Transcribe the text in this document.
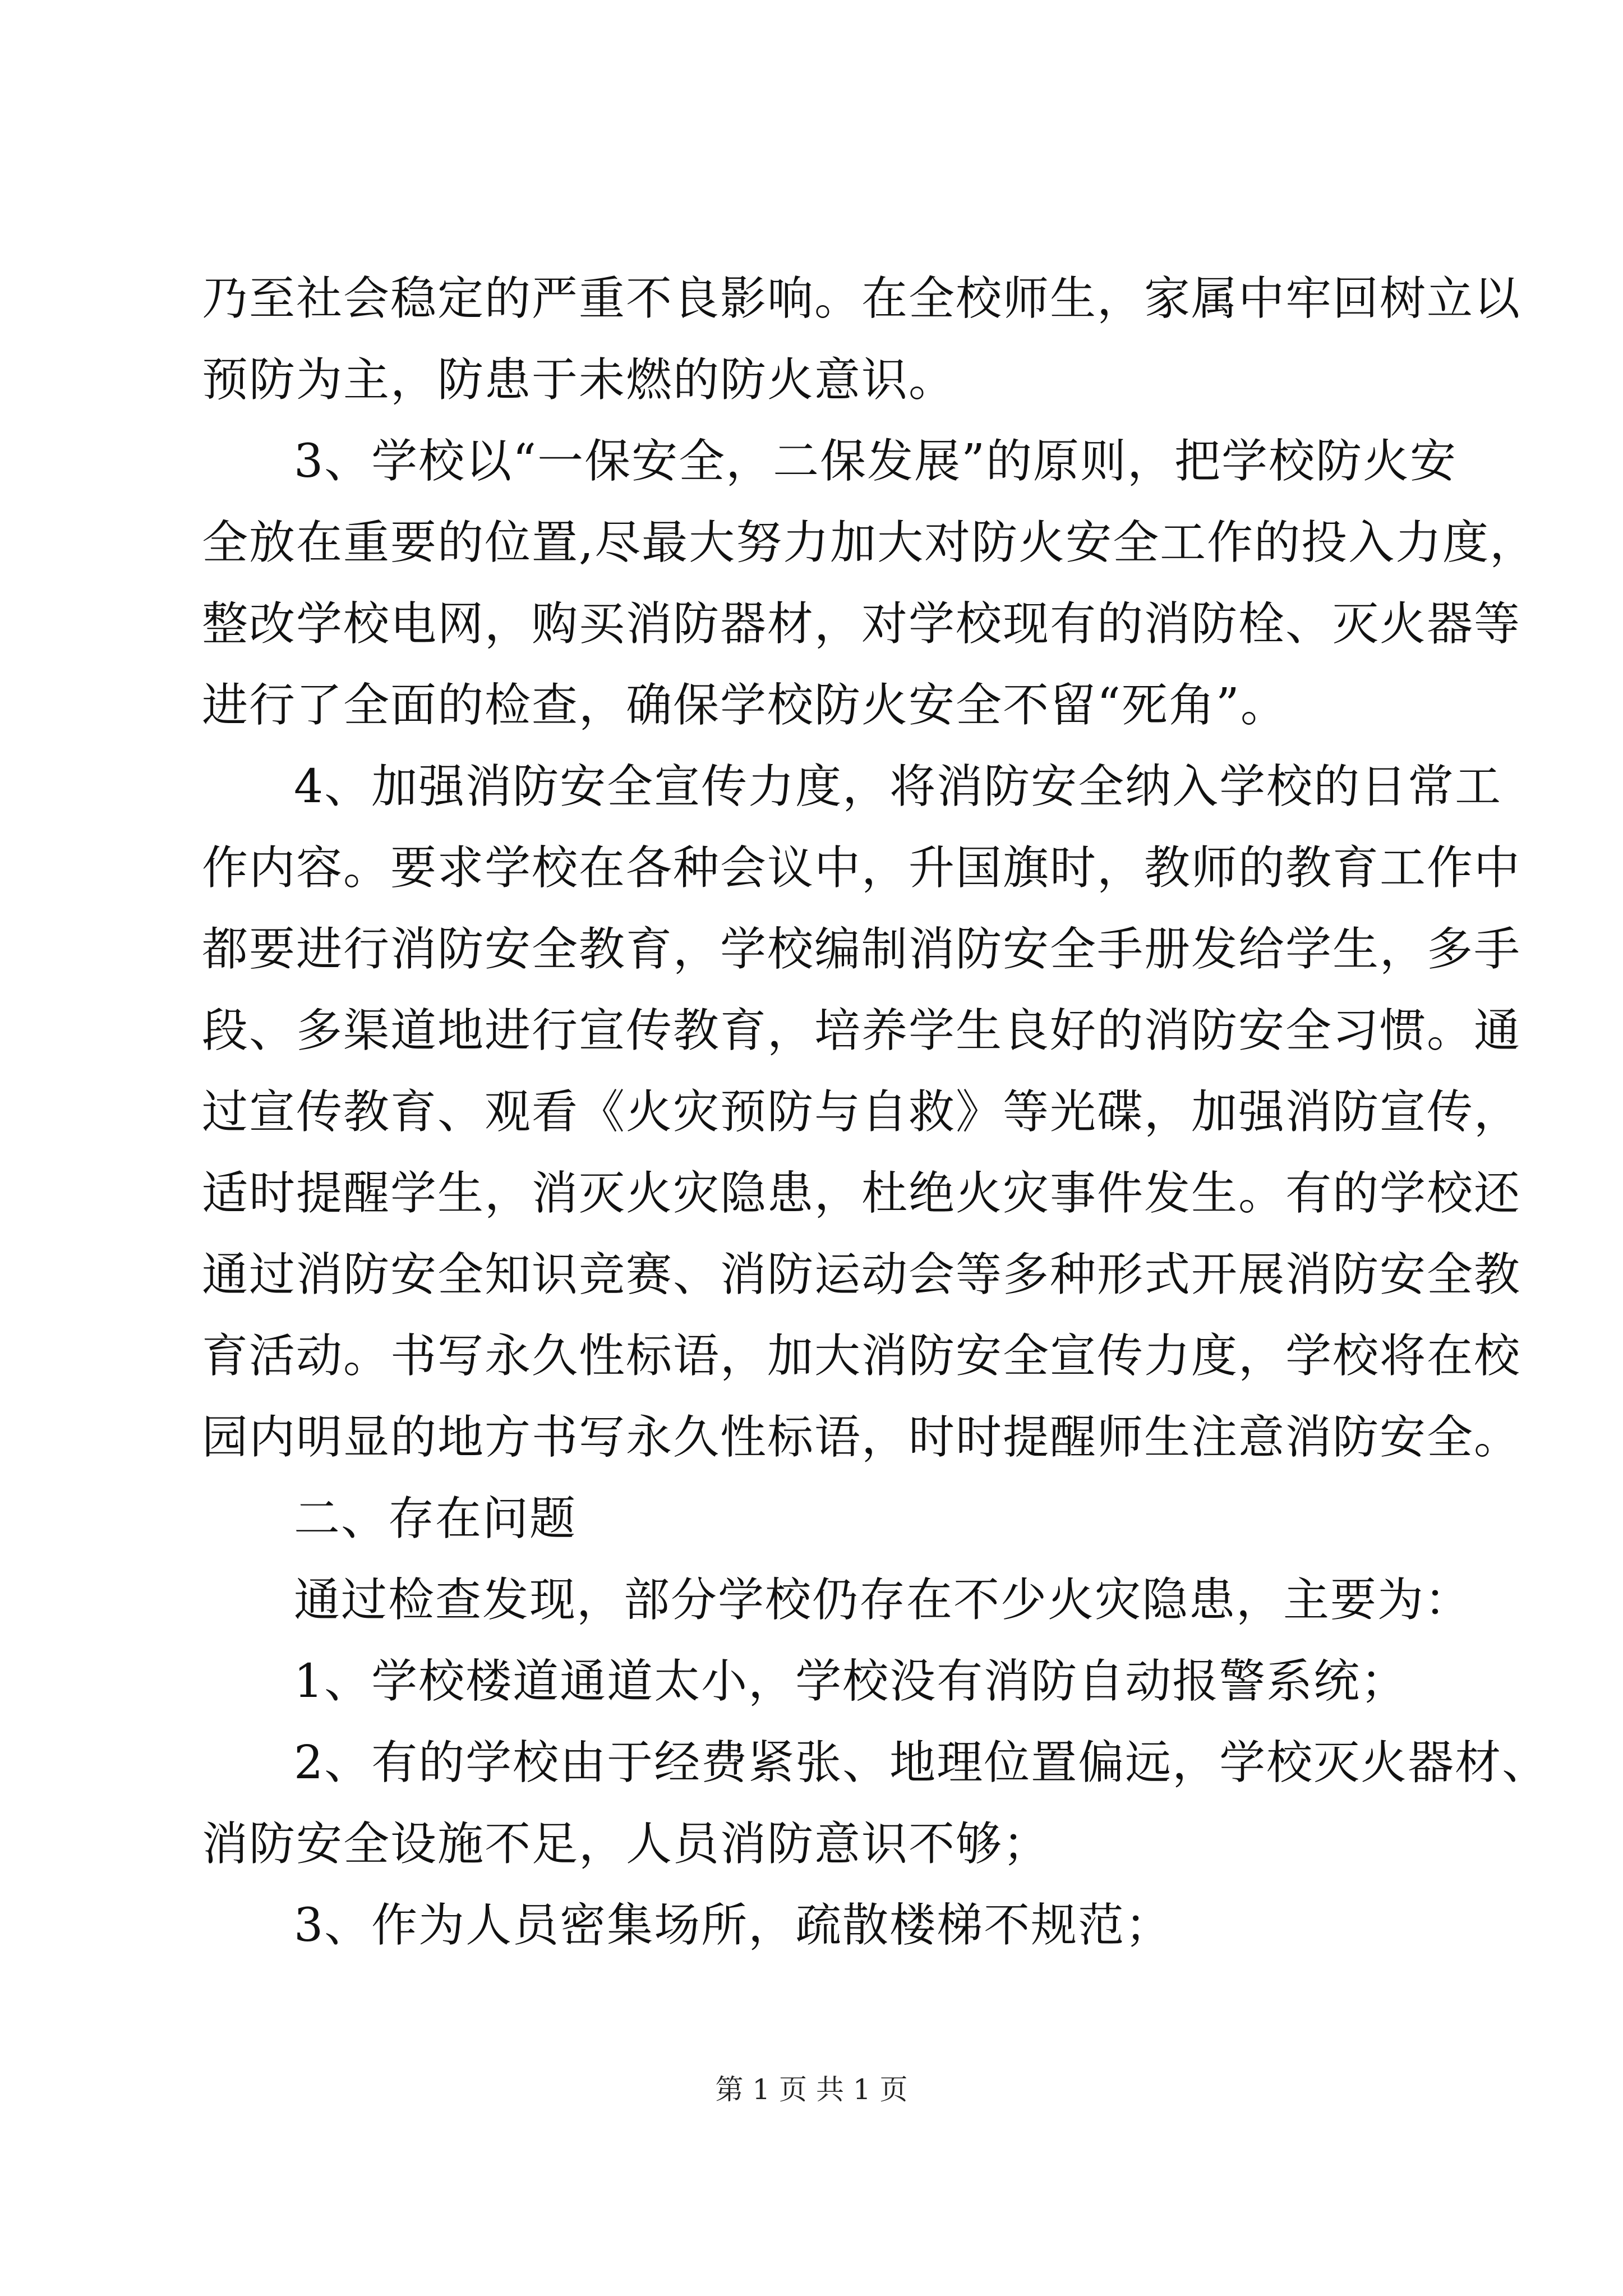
乃至社会稳定的严重不良影响。在全校师生，家属中牢回树立以
预防为主，防患于未燃的防火意识。
3、学校以“一保安全，二保发展”的原则，把学校防火安
全放在重要的位置,尽最大努力加大对防火安全工作的投入力度，
整改学校电网，购买消防器材，对学校现有的消防栓、灭火器等
进行了全面的检查，确保学校防火安全不留“死角”。
4、加强消防安全宣传力度，将消防安全纳入学校的日常工
作内容。要求学校在各种会议中，升国旗时，教师的教育工作中
都要进行消防安全教育，学校编制消防安全手册发给学生，多手
段、多渠道地进行宣传教育，培养学生良好的消防安全习惯。通
过宣传教育、观看《火灾预防与自救》等光碟，加强消防宣传，
适时提醒学生，消灭火灾隐患，杜绝火灾事件发生。有的学校还
通过消防安全知识竞赛、消防运动会等多种形式开展消防安全教
育活动。书写永久性标语，加大消防安全宣传力度，学校将在校
园内明显的地方书写永久性标语，时时提醒师生注意消防安全。
二、存在问题
通过检查发现，部分学校仍存在不少火灾隐患，主要为：
1、学校楼道通道太小，学校没有消防自动报警系统；
2、有的学校由于经费紧张、地理位置偏远，学校灭火器材、
消防安全设施不足，人员消防意识不够；
3、作为人员密集场所，疏散楼梯不规范；
第 1 页 共 1 页
